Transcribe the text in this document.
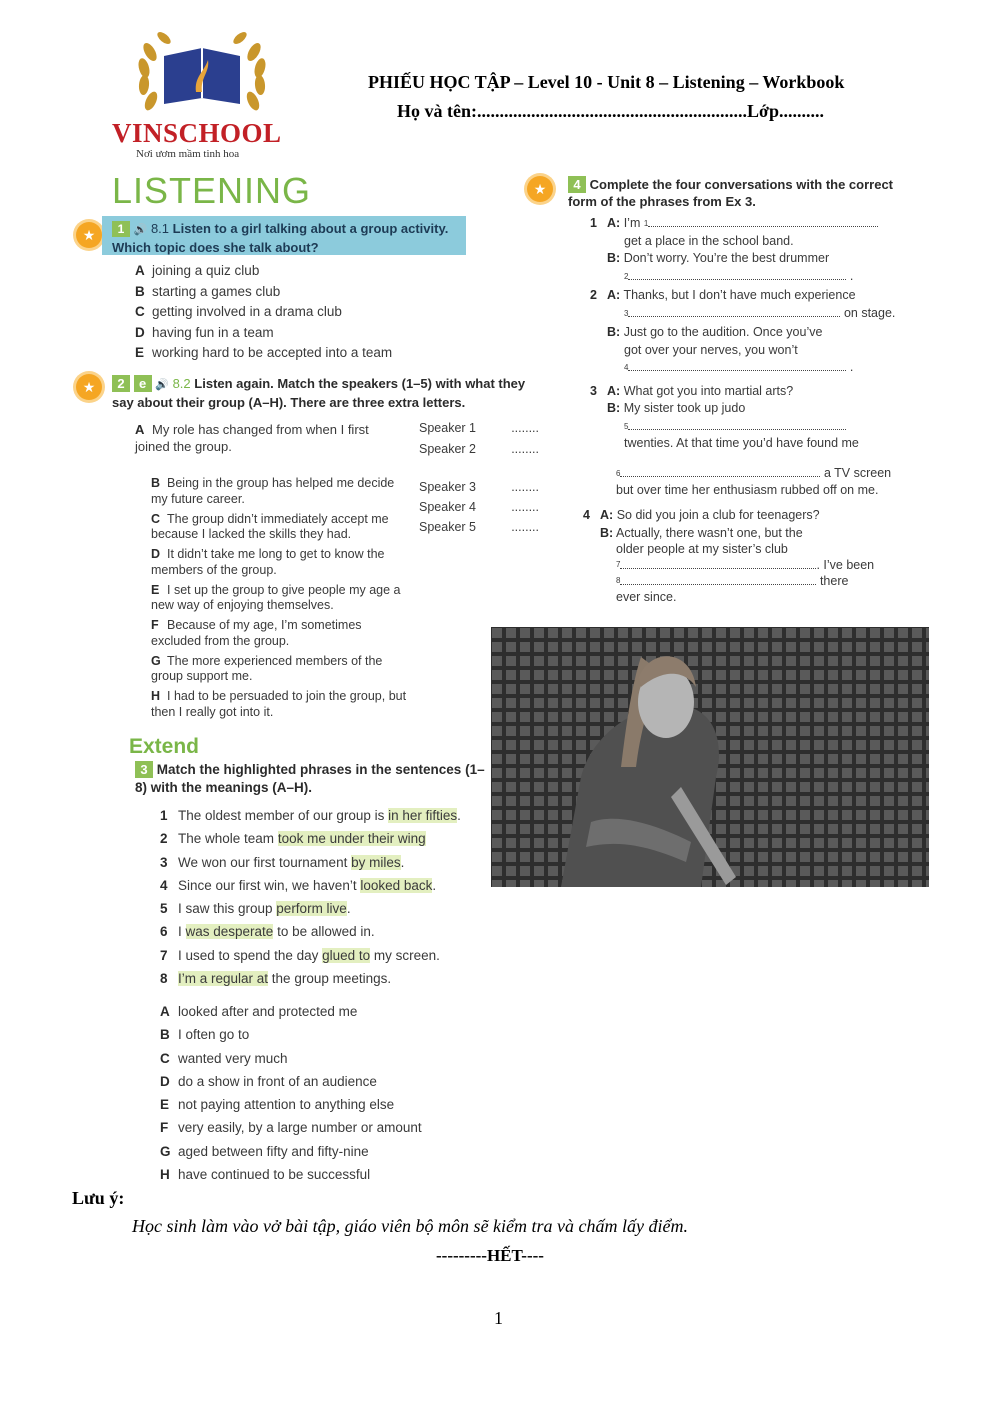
VINSCHOOL
Nơi ươm mầm tinh hoa
PHIẾU HỌC TẬP – Level 10 - Unit 8 – Listening – Workbook
Họ và tên:............................................................Lớp..........
LISTENING
★	1 🔊 8.1 Listen to a girl talking about a group activity. Which topic does she talk about?
A joining a quiz club
B starting a games club
C getting involved in a drama club
D having fun in a team
E working hard to be accepted into a team
★	2 e 🔊 8.2 Listen again. Match the speakers (1–5) with what they say about their group (A–H). There are three extra letters.
A My role has changed from when I first joined the group.
B Being in the group has helped me decide my future career.
C The group didn’t immediately accept me because I lacked the skills they had.
D It didn’t take me long to get to know the members of the group.
E I set up the group to give people my age a new way of enjoying themselves.
F Because of my age, I’m sometimes excluded from the group.
G The more experienced members of the group support me.
H I had to be persuaded to join the group, but then I really got into it.
Speaker 1	........
Speaker 2	........
Speaker 3	........
Speaker 4	........
Speaker 5	........
Extend
3 Match the highlighted phrases in the sentences (1–8) with the meanings (A–H).
1 The oldest member of our group is in her fifties.
2 The whole team took me under their wing
3 We won our first tournament by miles.
4 Since our first win, we haven’t looked back.
5 I saw this group perform live.
6 I was desperate to be allowed in.
7 I used to spend the day glued to my screen.
8 I’m a regular at the group meetings.
A looked after and protected me
B I often go to
C wanted very much
D do a show in front of an audience
E not paying attention to anything else
F very easily, by a large number or amount
G aged between fifty and fifty-nine
H have continued to be successful
★	4 Complete the four conversations with the correct form of the phrases from Ex 3.
1 A: I’m $^1$
get a place in the school band.
B: Don’t worry. You’re the best drummer
$^2$	.
2 A: Thanks, but I don’t have much experience
$^3$	on stage.
B: Just go to the audition. Once you’ve
got over your nerves, you won’t
$^4$	.
3 A: What got you into martial arts?
B: My sister took up judo
$^5$
twenties. At that time you’d have found me
$^6$	a TV screen
but over time her enthusiasm rubbed off on me.
4 A: So did you join a club for teenagers?
B: Actually, there wasn’t one, but the
older people at my sister’s club
$^7$	. I’ve been
$^8$	there
ever since.
Lưu ý:
Học sinh làm vào vở bài tập, giáo viên bộ môn sẽ kiểm tra và chấm lấy điểm.
---------HẾT----
1
